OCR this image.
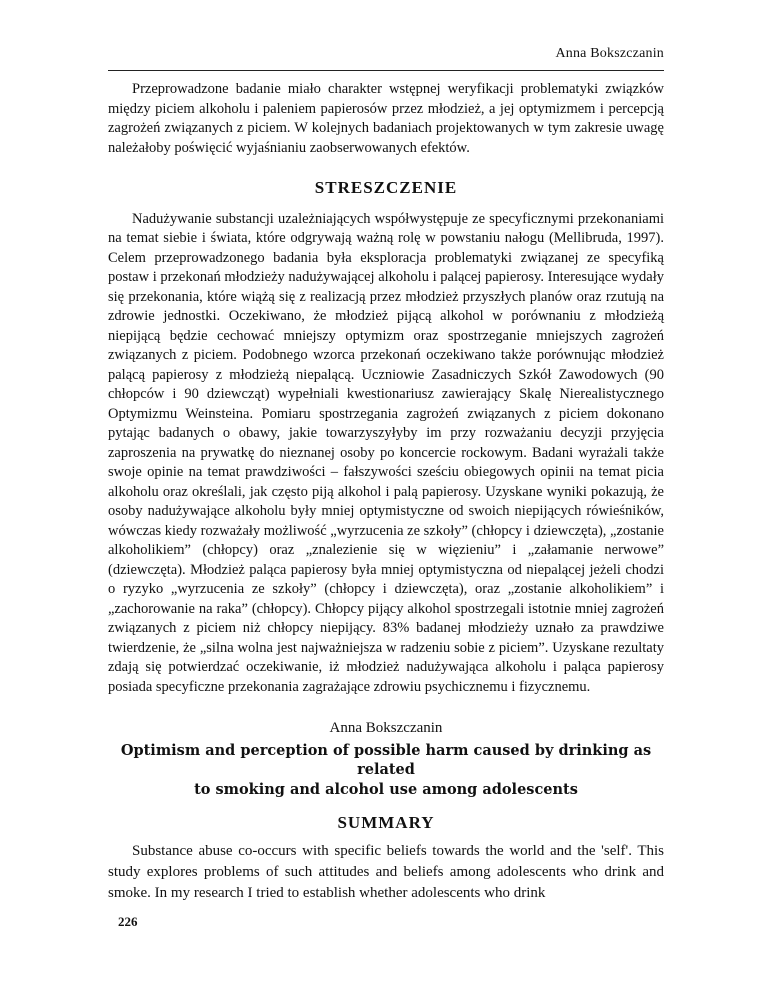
Anna Bokszczanin

Przeprowadzone badanie miało charakter wstępnej weryfikacji problematyki związków między piciem alkoholu i paleniem papierosów przez młodzież, a jej optymizmem i percepcją zagrożeń związanych z piciem. W kolejnych badaniach projektowanych w tym zakresie uwagę należałoby poświęcić wyjaśnianiu zaobserwowanych efektów.

STRESZCZENIE

Nadużywanie substancji uzależniających współwystępuje ze specyficznymi przekonaniami na temat siebie i świata, które odgrywają ważną rolę w powstaniu nałogu (Mellibruda, 1997). Celem przeprowadzonego badania była eksploracja problematyki związanej ze specyfiką postaw i przekonań młodzieży nadużywającej alkoholu i palącej papierosy. Interesujące wydały się przekonania, które wiążą się z realizacją przez młodzież przyszłych planów oraz rzutują na zdrowie jednostki. Oczekiwano, że młodzież pijącą alkohol w porównaniu z młodzieżą niepijącą będzie cechować mniejszy optymizm oraz spostrzeganie mniejszych zagrożeń związanych z piciem. Podobnego wzorca przekonań oczekiwano także porównując młodzież palącą papierosy z młodzieżą niepalącą. Uczniowie Zasadniczych Szkół Zawodowych (90 chłopców i 90 dziewcząt) wypełniali kwestionariusz zawierający Skalę Nierealistycznego Optymizmu Weinsteina. Pomiaru spostrzegania zagrożeń związanych z piciem dokonano pytając badanych o obawy, jakie towarzyszyłyby im przy rozważaniu decyzji przyjęcia zaproszenia na prywatkę do nieznanej osoby po koncercie rockowym. Badani wyrażali także swoje opinie na temat prawdziwości – fałszywości sześciu obiegowych opinii na temat picia alkoholu oraz określali, jak często piją alkohol i palą papierosy. Uzyskane wyniki pokazują, że osoby nadużywające alkoholu były mniej optymistyczne od swoich niepijących rówieśników, wówczas kiedy rozważały możliwość „wyrzucenia ze szkoły” (chłopcy i dziewczęta), „zostanie alkoholikiem” (chłopcy) oraz „znalezienie się w więzieniu” i „załamanie nerwowe” (dziewczęta). Młodzież paląca papierosy była mniej optymistyczna od niepalącej jeżeli chodzi o ryzyko „wyrzucenia ze szkoły” (chłopcy i dziewczęta), oraz „zostanie alkoholikiem” i „zachorowanie na raka” (chłopcy). Chłopcy pijący alkohol spostrzegali istotnie mniej zagrożeń związanych z piciem niż chłopcy niepijący. 83% badanej młodzieży uznało za prawdziwe twierdzenie, że „silna wolna jest najważniejsza w radzeniu sobie z piciem”. Uzyskane rezultaty zdają się potwierdzać oczekiwanie, iż młodzież nadużywająca alkoholu i paląca papierosy posiada specyficzne przekonania zagrażające zdrowiu psychicznemu i fizycznemu.

Anna Bokszczanin
Optimism and perception of possible harm caused by drinking as related
to smoking and alcohol use among adolescents
SUMMARY

Substance abuse co-occurs with specific beliefs towards the world and the 'self'. This study explores problems of such attitudes and beliefs among adolescents who drink and smoke. In my research I tried to establish whether adolescents who drink

226
